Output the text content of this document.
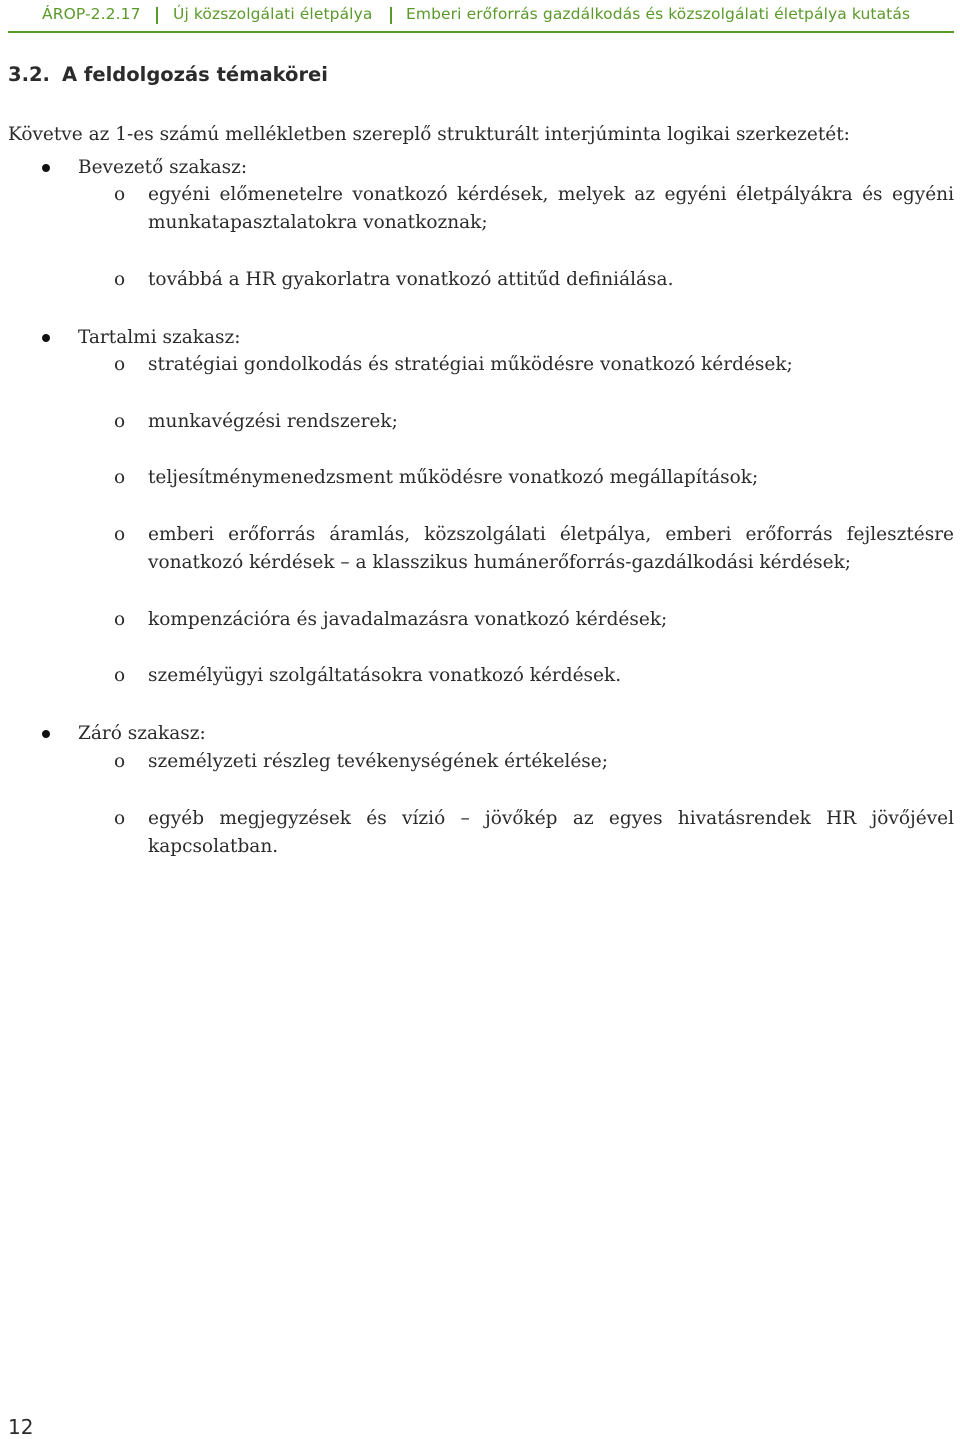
ÁROP-2.2.17 Új közszolgálati életpálya Emberi erőforrás gazdálkodás és közszolgálati életpálya kutatás
3.2. A feldolgozás témakörei
Követve az 1-es számú mellékletben szereplő strukturált interjúminta logikai szerkezetét:
Bevezető szakasz:
o egyéni előmenetelre vonatkozó kérdések, melyek az egyéni életpályákra és egyéni munkatapasztalatokra vonatkoznak;
o továbbá a HR gyakorlatra vonatkozó attitűd definiálása.
Tartalmi szakasz:
o stratégiai gondolkodás és stratégiai működésre vonatkozó kérdések;
o munkavégzési rendszerek;
o teljesítménymenedzsment működésre vonatkozó megállapítások;
o emberi erőforrás áramlás, közszolgálati életpálya, emberi erőforrás fejlesztésre vonatkozó kérdések – a klasszikus humánerőforrás-gazdálkodási kérdések;
o kompenzációra és javadalmazásra vonatkozó kérdések;
o személyügyi szolgáltatásokra vonatkozó kérdések.
Záró szakasz:
o személyzeti részleg tevékenységének értékelése;
o egyéb megjegyzések és vízió – jövőkép az egyes hivatásrendek HR jövőjével kapcsolatban.
12
